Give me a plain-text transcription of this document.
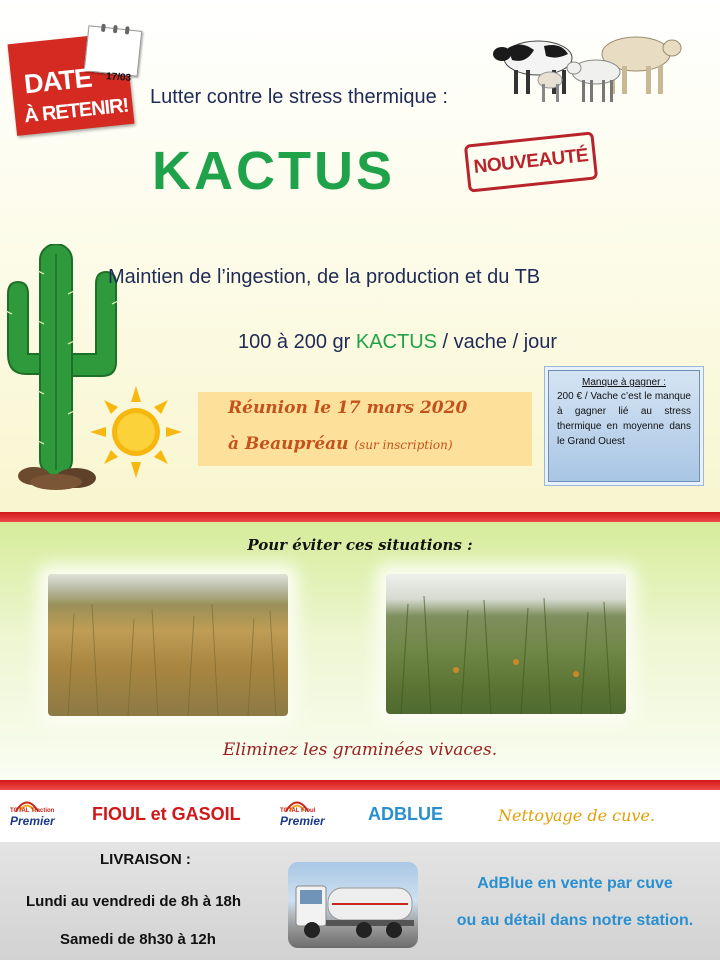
17/03
DATE
À RETENIR! Lutter contre le stress thermique :
KACTUS	NOUVEAUTÉ
Maintien de l’ingestion, de la production et du TB
100 à 200 gr KACTUS / vache / jour
Réunion le 17 mars 2020
à Beaupréau (sur inscription)
Manque à gagner :
200 € / Vache c’est le manque à gagner lié au stress thermique en moyenne dans le Grand Ouest
Pour éviter ces situations :
Eliminez les graminées vivaces.
TOTAL Traction
Premier FIOUL et GASOIL	TOTAL Fioul
Premier ADBLUE	Nettoyage de cuve.
LIVRAISON :
Lundi au vendredi de 8h à 18h
Samedi de 8h30 à 12h
AdBlue en vente par cuve
ou au détail dans notre station.
